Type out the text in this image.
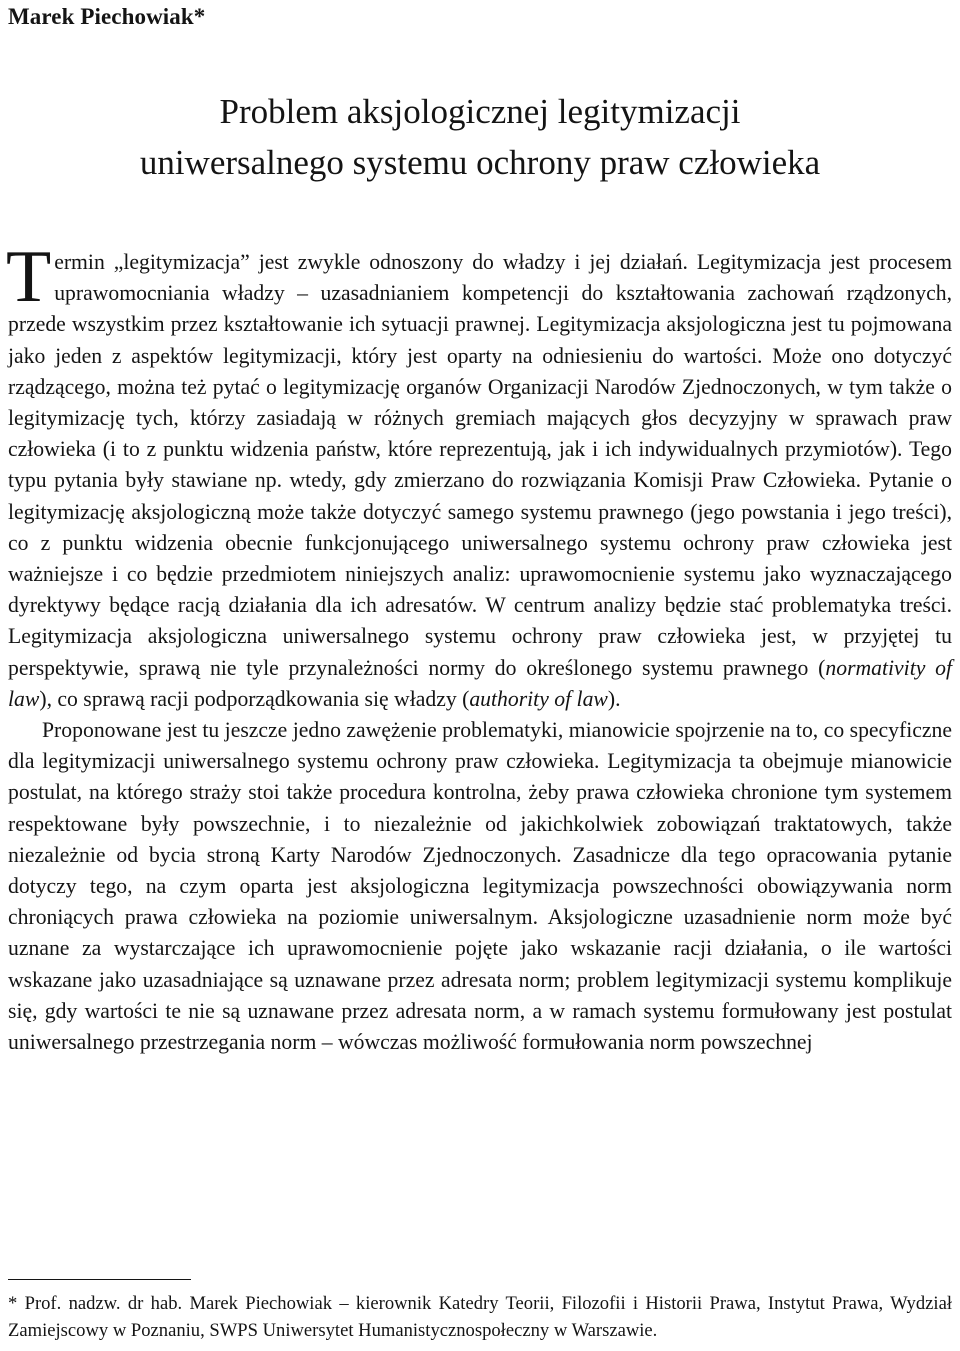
Marek Piechowiak*
Problem aksjologicznej legitymizacji
uniwersalnego systemu ochrony praw człowieka

Termin „legitymizacja” jest zwykle odnoszony do władzy i jej działań. Legitymizacja jest procesem uprawomocniania władzy – uzasadnianiem kompetencji do kształtowania zachowań rządzonych, przede wszystkim przez kształtowanie ich sytuacji prawnej. Legitymizacja aksjologiczna jest tu pojmowana jako jeden z aspektów legitymizacji, który jest oparty na odniesieniu do wartości. Może ono dotyczyć rządzącego, można też pytać o legitymizację organów Organizacji Narodów Zjednoczonych, w tym także o legitymizację tych, którzy zasiadają w różnych gremiach mających głos decyzyjny w sprawach praw człowieka (i to z punktu widzenia państw, które reprezentują, jak i ich indywidualnych przymiotów). Tego typu pytania były stawiane np. wtedy, gdy zmierzano do rozwiązania Komisji Praw Człowieka. Pytanie o legitymizację aksjologiczną może także dotyczyć samego systemu prawnego (jego powstania i jego treści), co z punktu widzenia obecnie funkcjonującego uniwersalnego systemu ochrony praw człowieka jest ważniejsze i co będzie przedmiotem niniejszych analiz: uprawomocnienie systemu jako wyznaczającego dyrektywy będące racją działania dla ich adresatów. W centrum analizy będzie stać problematyka treści. Legitymizacja aksjologiczna uniwersalnego systemu ochrony praw człowieka jest, w przyjętej tu perspektywie, sprawą nie tyle przynależności normy do określonego systemu prawnego (normativity of law), co sprawą racji podporządkowania się władzy (authority of law).

Proponowane jest tu jeszcze jedno zawężenie problematyki, mianowicie spojrzenie na to, co specyficzne dla legitymizacji uniwersalnego systemu ochrony praw człowieka. Legitymizacja ta obejmuje mianowicie postulat, na którego straży stoi także procedura kontrolna, żeby prawa człowieka chronione tym systemem respektowane były powszechnie, i to niezależnie od jakichkolwiek zobowiązań traktatowych, także niezależnie od bycia stroną Karty Narodów Zjednoczonych. Zasadnicze dla tego opracowania pytanie dotyczy tego, na czym oparta jest aksjologiczna legitymizacja powszechności obowiązywania norm chroniących prawa człowieka na poziomie uniwersalnym. Aksjologiczne uzasadnienie norm może być uznane za wystarczające ich uprawomocnienie pojęte jako wskazanie racji działania, o ile wartości wskazane jako uzasadniające są uznawane przez adresata norm; problem legitymizacji systemu komplikuje się, gdy wartości te nie są uznawane przez adresata norm, a w ramach systemu formułowany jest postulat uniwersalnego przestrzegania norm – wówczas możliwość formułowania norm powszechnej

* Prof. nadzw. dr hab. Marek Piechowiak – kierownik Katedry Teorii, Filozofii i Historii Prawa, Instytut Prawa, Wydział Zamiejscowy w Poznaniu, SWPS Uniwersytet Humanistycznospołeczny w Warszawie.
